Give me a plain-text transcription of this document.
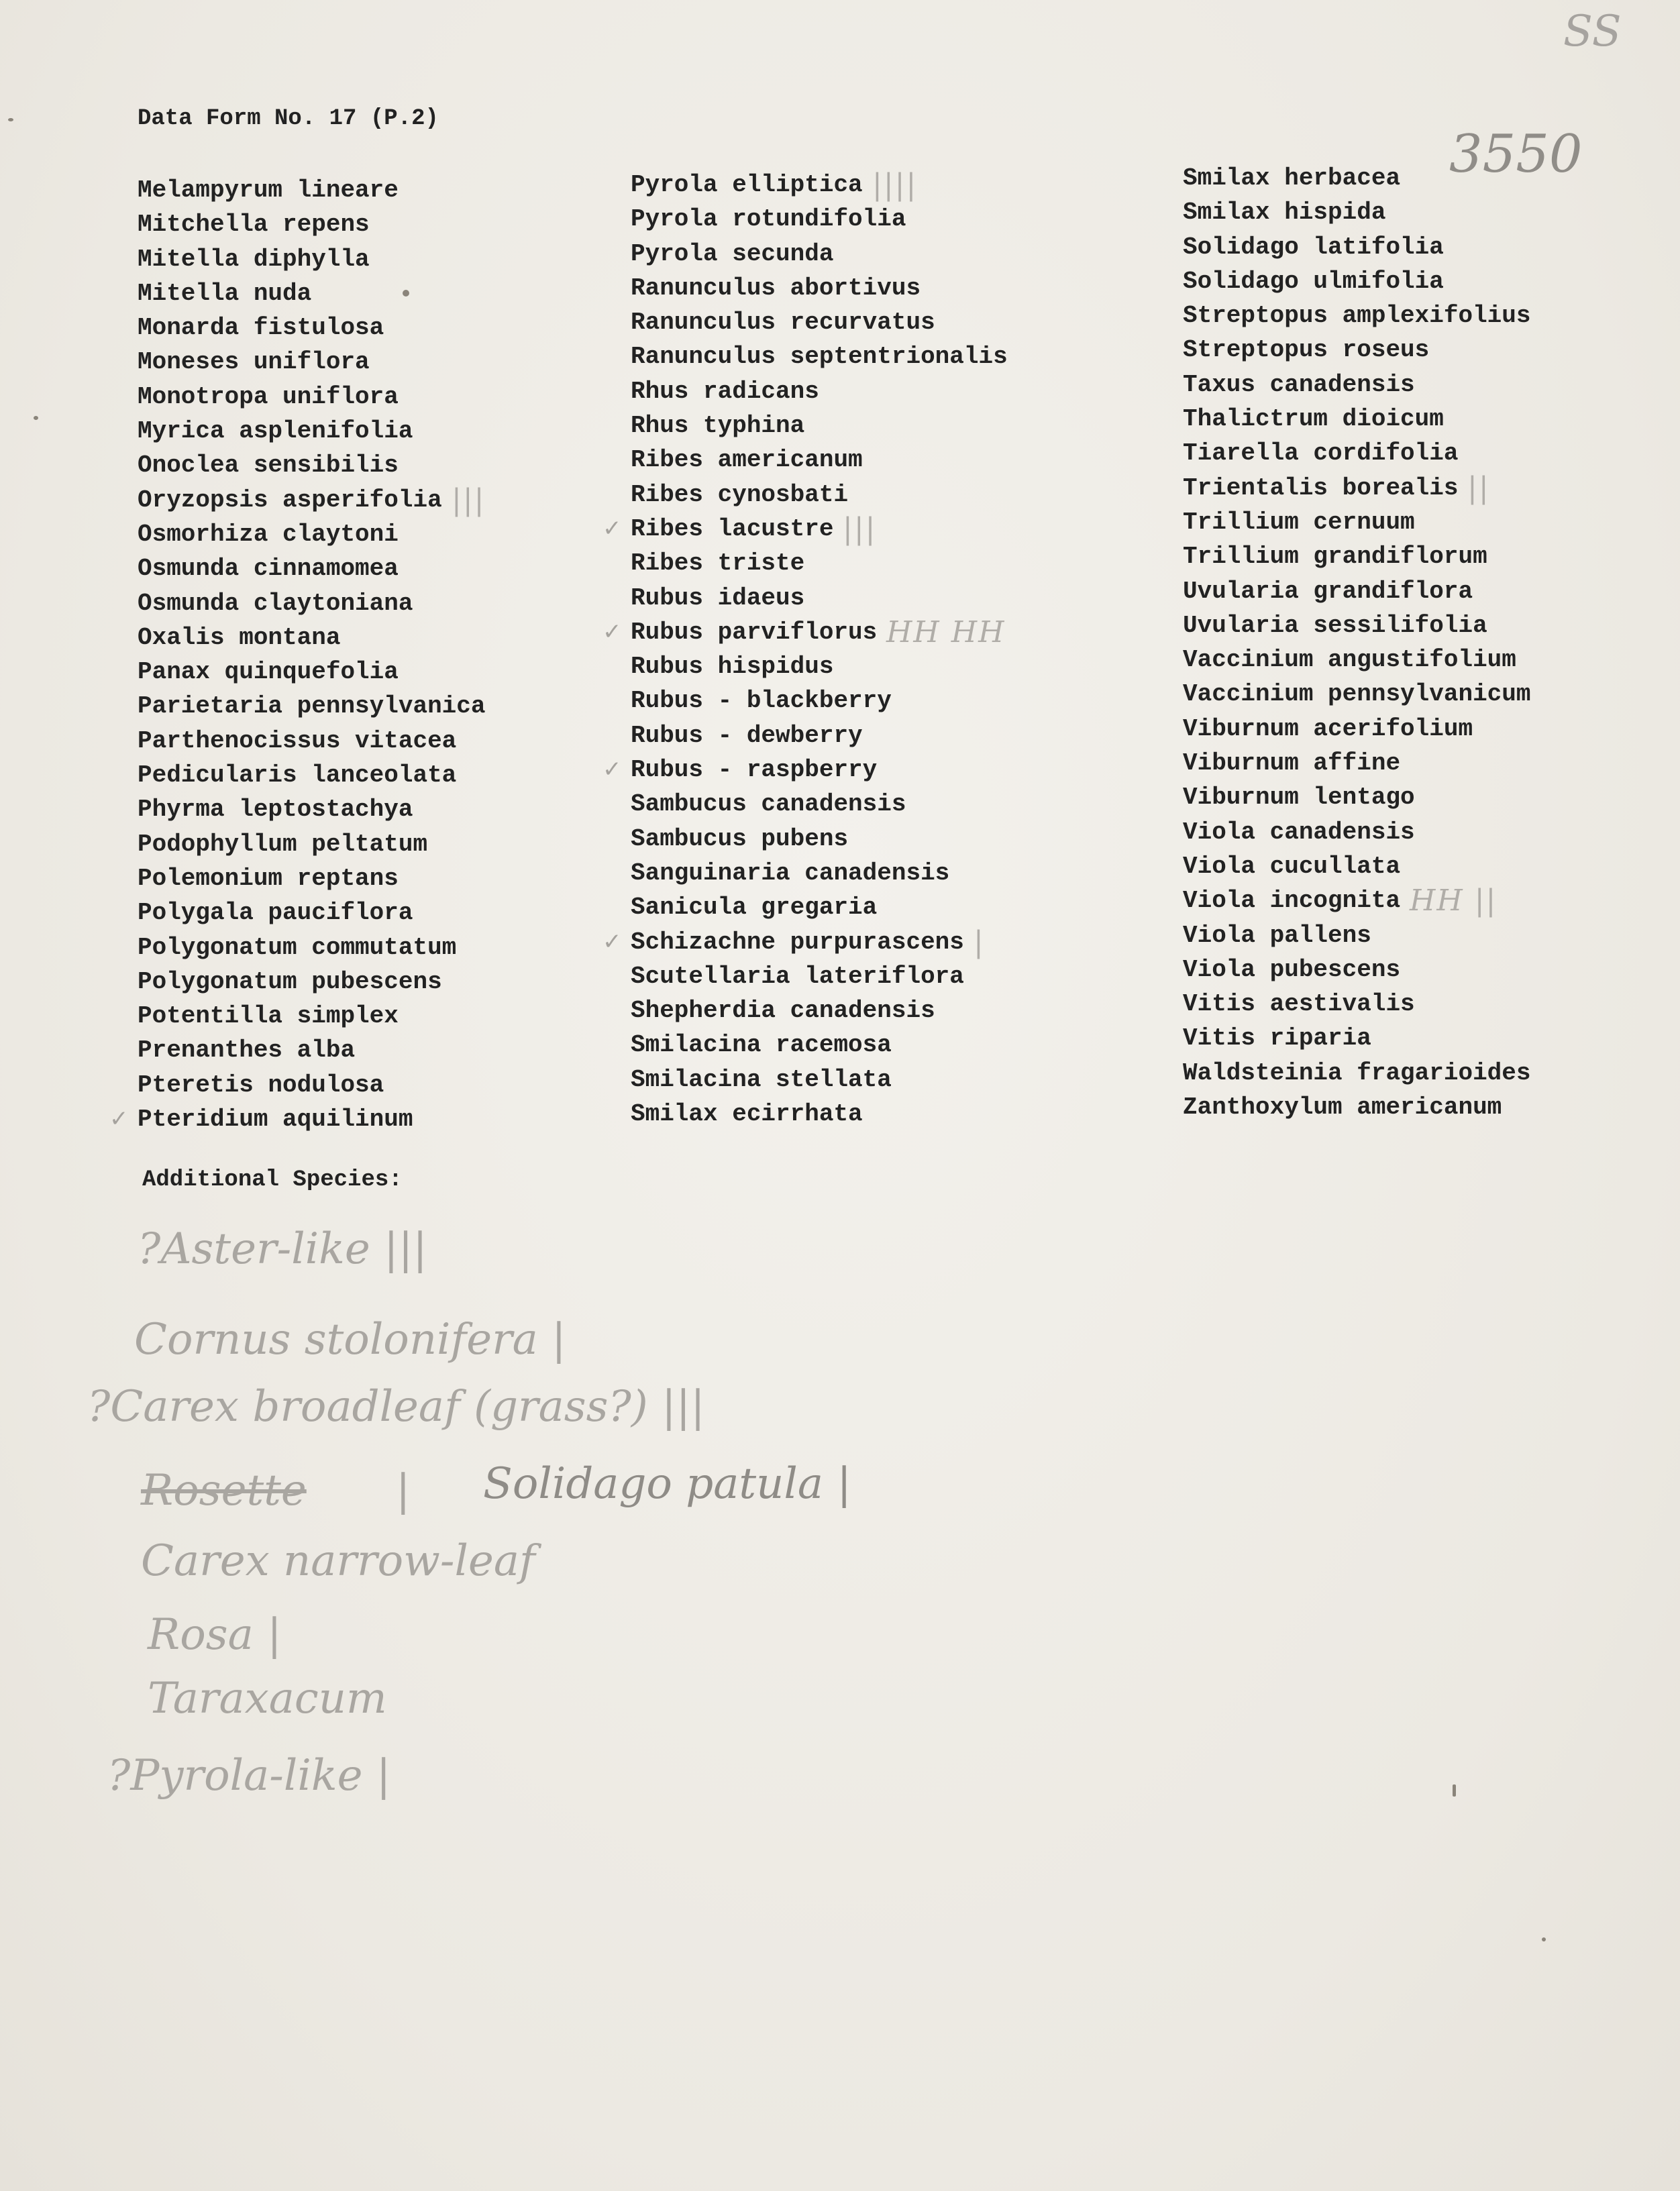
SS
3550
Data Form No. 17 (P.2)
Melampyrum lineare
Mitchella repens
Mitella diphylla
Mitella nuda
Monarda fistulosa
Moneses uniflora
Monotropa uniflora
Myrica asplenifolia
Onoclea sensibilis
Oryzopsis asperifolia |||
Osmorhiza claytoni
Osmunda cinnamomea
Osmunda claytoniana
Oxalis montana
Panax quinquefolia
Parietaria pennsylvanica
Parthenocissus vitacea
Pedicularis lanceolata
Phyrma leptostachya
Podophyllum peltatum
Polemonium reptans
Polygala pauciflora
Polygonatum commutatum
Polygonatum pubescens
Potentilla simplex
Prenanthes alba
Pteretis nodulosa
Pteridium aquilinum
✓
Pyrola elliptica ||||
Pyrola rotundifolia
Pyrola secunda
Ranunculus abortivus
Ranunculus recurvatus
Ranunculus septentrionalis
Rhus radicans
Rhus typhina
Ribes americanum
Ribes cynosbati
Ribes lacustre |||
✓
Ribes triste
Rubus idaeus
Rubus parviflorus HH HH
✓
Rubus hispidus
Rubus - blackberry
Rubus - dewberry
Rubus - raspberry
✓
Sambucus canadensis
Sambucus pubens
Sanguinaria canadensis
Sanicula gregaria
Schizachne purpurascens |
✓
Scutellaria lateriflora
Shepherdia canadensis
Smilacina racemosa
Smilacina stellata
Smilax ecirrhata
Smilax herbacea
Smilax hispida
Solidago latifolia
Solidago ulmifolia
Streptopus amplexifolius
Streptopus roseus
Taxus canadensis
Thalictrum dioicum
Tiarella cordifolia
Trientalis borealis ||
Trillium cernuum
Trillium grandiflorum
Uvularia grandiflora
Uvularia sessilifolia
Vaccinium angustifolium
Vaccinium pennsylvanicum
Viburnum acerifolium
Viburnum affine
Viburnum lentago
Viola canadensis
Viola cucullata
Viola incognita HH ||
Viola pallens
Viola pubescens
Vitis aestivalis
Vitis riparia
Waldsteinia fragarioides
Zanthoxylum americanum
Additional Species:
?Aster-like |||
Cornus stolonifera |
?Carex broadleaf (grass?) |||
Rosette | Solidago patula |
Carex narrow-leaf
Rosa |
Taraxacum
?Pyrola-like |
